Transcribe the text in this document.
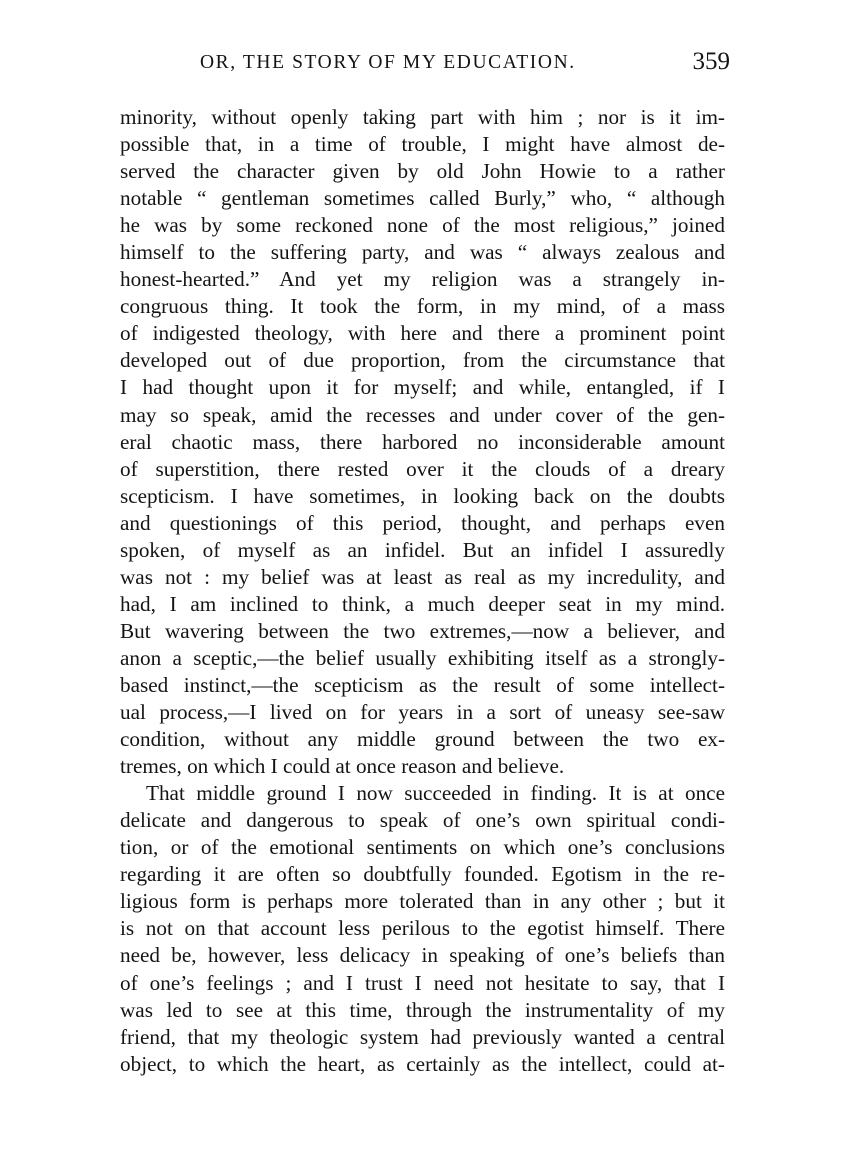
OR, THE STORY OF MY EDUCATION.	359
minority, without openly taking part with him ; nor is it im-
possible that, in a time of trouble, I might have almost de-
served the character given by old John Howie to a rather
notable “ gentleman sometimes called Burly,” who, “ although
he was by some reckoned none of the most religious,” joined
himself to the suffering party, and was “ always zealous and
honest-hearted.” And yet my religion was a strangely in-
congruous thing. It took the form, in my mind, of a mass
of indigested theology, with here and there a prominent point
developed out of due proportion, from the circumstance that
I had thought upon it for myself; and while, entangled, if I
may so speak, amid the recesses and under cover of the gen-
eral chaotic mass, there harbored no inconsiderable amount
of superstition, there rested over it the clouds of a dreary
scepticism. I have sometimes, in looking back on the doubts
and questionings of this period, thought, and perhaps even
spoken, of myself as an infidel. But an infidel I assuredly
was not : my belief was at least as real as my incredulity, and
had, I am inclined to think, a much deeper seat in my mind.
But wavering between the two extremes,—now a believer, and
anon a sceptic,—the belief usually exhibiting itself as a strongly-
based instinct,—the scepticism as the result of some intellect-
ual process,—I lived on for years in a sort of uneasy see-saw
condition, without any middle ground between the two ex-
tremes, on which I could at once reason and believe.
That middle ground I now succeeded in finding. It is at once
delicate and dangerous to speak of one’s own spiritual condi-
tion, or of the emotional sentiments on which one’s conclusions
regarding it are often so doubtfully founded. Egotism in the re-
ligious form is perhaps more tolerated than in any other ; but it
is not on that account less perilous to the egotist himself. There
need be, however, less delicacy in speaking of one’s beliefs than
of one’s feelings ; and I trust I need not hesitate to say, that I
was led to see at this time, through the instrumentality of my
friend, that my theologic system had previously wanted a central
object, to which the heart, as certainly as the intellect, could at-
